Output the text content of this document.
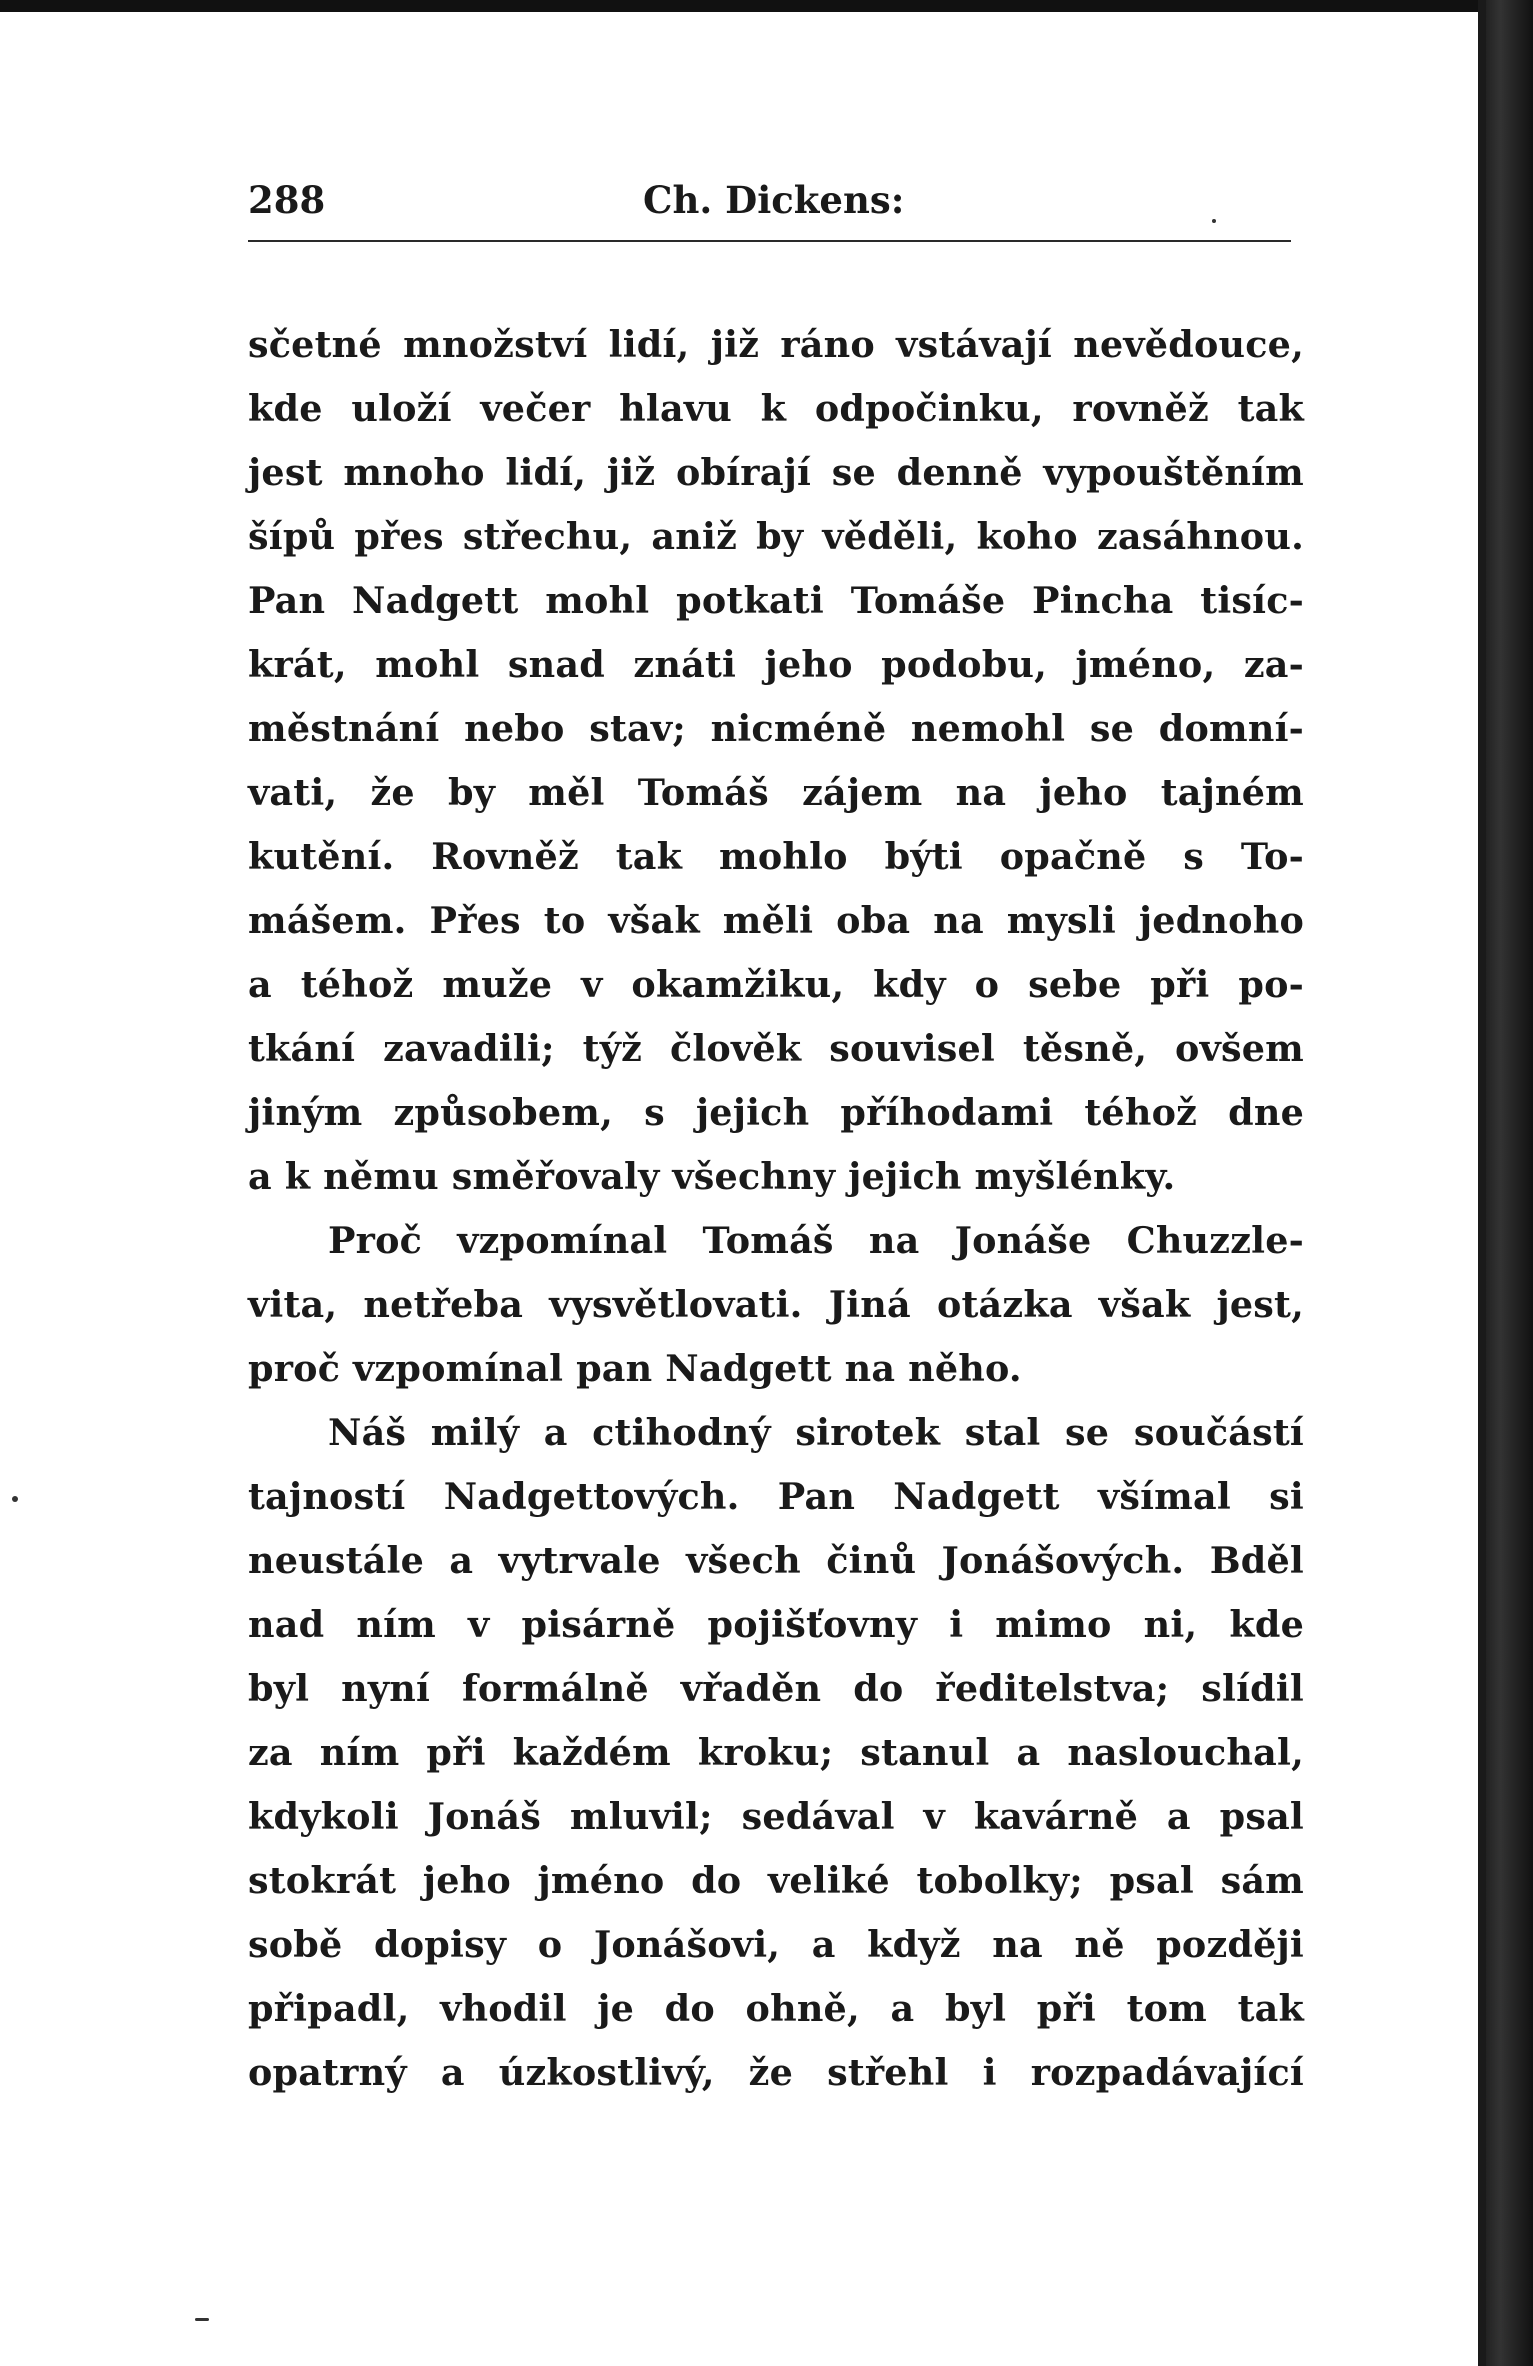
288	Ch. Dickens:
sčetné množství lidí, již ráno vstávají nevědouce,
kde uloží večer hlavu k odpočinku, rovněž tak
jest mnoho lidí, již obírají se denně vypouštěním
šípů přes střechu, aniž by věděli, koho zasáhnou.
Pan Nadgett mohl potkati Tomáše Pincha tisíc-
krát, mohl snad znáti jeho podobu, jméno, za-
městnání nebo stav; nicméně nemohl se domní-
vati, že by měl Tomáš zájem na jeho tajném
kutění. Rovněž tak mohlo býti opačně s To-
mášem. Přes to však měli oba na mysli jednoho
a téhož muže v okamžiku, kdy o sebe při po-
tkání zavadili; týž člověk souvisel těsně, ovšem
jiným způsobem, s jejich příhodami téhož dne
a k němu směřovaly všechny jejich myšlénky.
Proč vzpomínal Tomáš na Jonáše Chuzzle-
vita, netřeba vysvětlovati. Jiná otázka však jest,
proč vzpomínal pan Nadgett na něho.
Náš milý a ctihodný sirotek stal se součástí
tajností Nadgettových. Pan Nadgett všímal si
neustále a vytrvale všech činů Jonášových. Bděl
nad ním v pisárně pojišťovny i mimo ni, kde
byl nyní formálně vřaděn do ředitelstva; slídil
za ním při každém kroku; stanul a naslouchal,
kdykoli Jonáš mluvil; sedával v kavárně a psal
stokrát jeho jméno do veliké tobolky; psal sám
sobě dopisy o Jonášovi, a když na ně později
připadl, vhodil je do ohně, a byl při tom tak
opatrný a úzkostlivý, že střehl i rozpadávající
